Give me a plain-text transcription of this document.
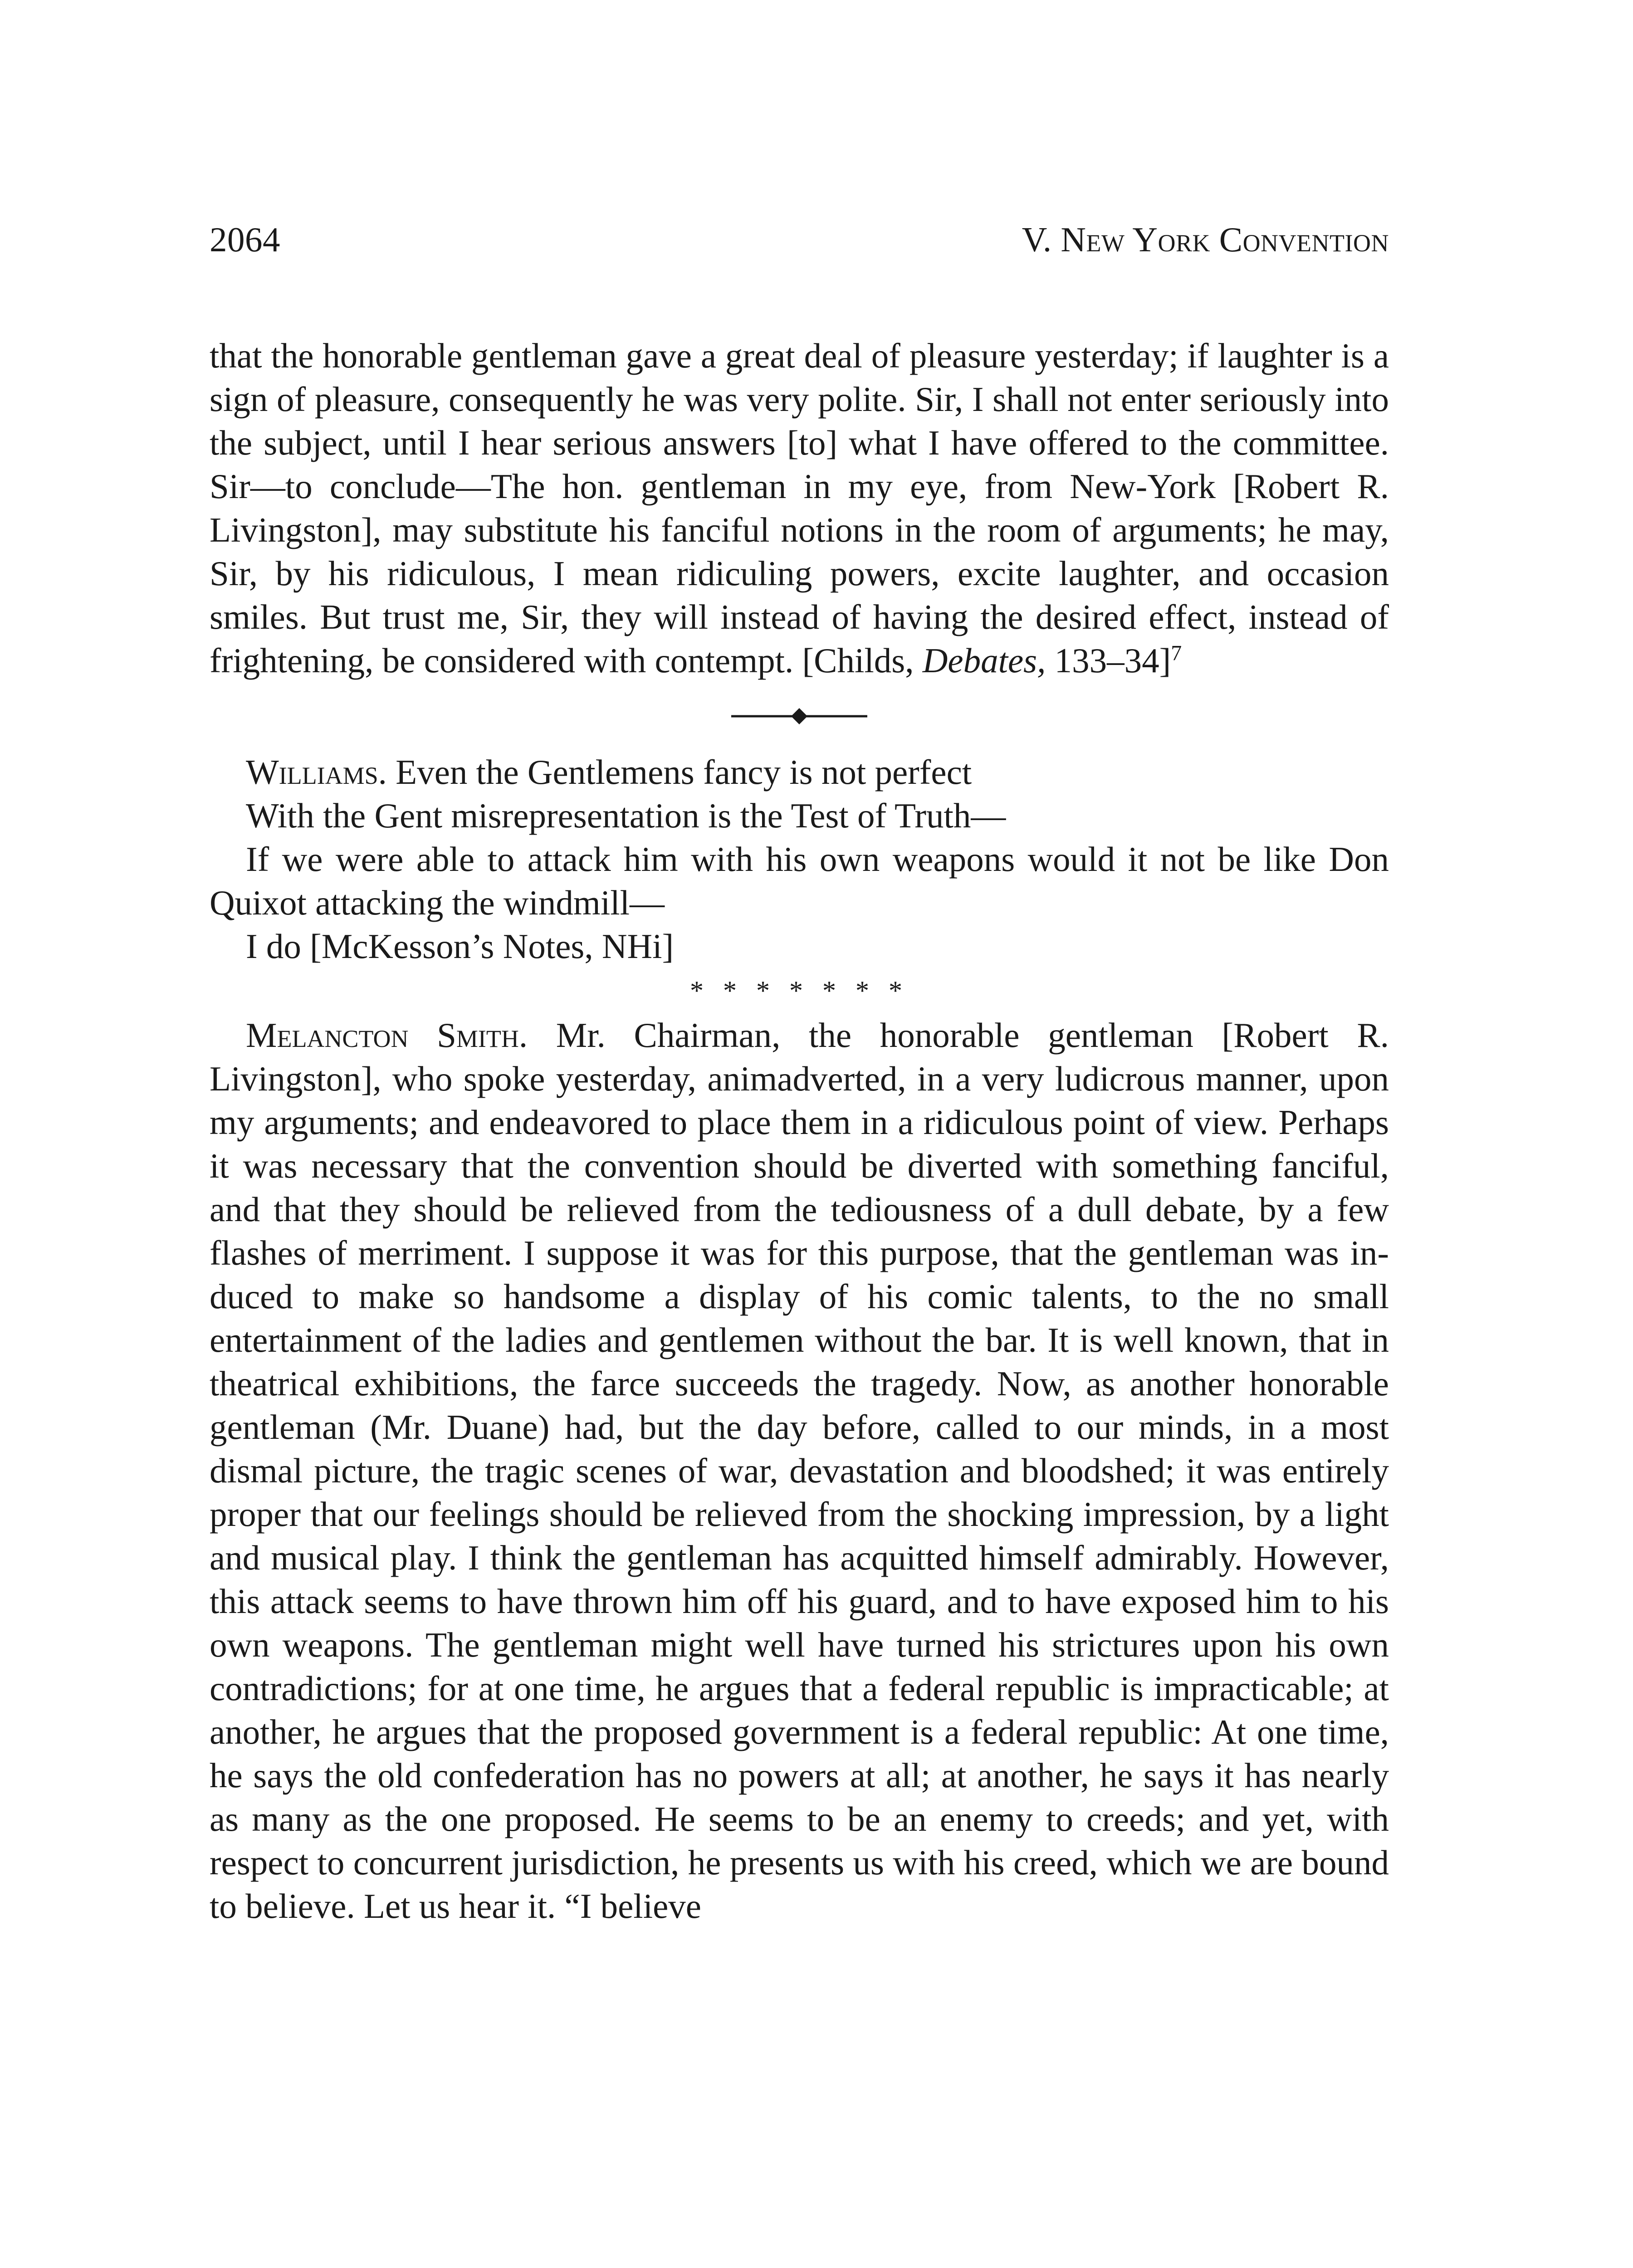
2064	V. New York Convention

that the honorable gentleman gave a great deal of pleasure yesterday; if laughter is a sign of pleasure, consequently he was very polite. Sir, I shall not enter seriously into the subject, until I hear serious answers [to] what I have offered to the committee. Sir—to conclude—The hon. gentleman in my eye, from New-York [Robert R. Livingston], may substitute his fanciful notions in the room of arguments; he may, Sir, by his ridiculous, I mean ridiculing powers, excite laughter, and occasion smiles. But trust me, Sir, they will instead of having the desired effect, instead of frightening, be considered with contempt. [Childs, Debates, 133–34]$^7$

Williams. Even the Gentlemens fancy is not perfect

With the Gent misrepresentation is the Test of Truth—

If we were able to attack him with his own weapons would it not be like Don Quixot attacking the windmill—

I do [McKesson’s Notes, NHi]

* * * * * * *

Melancton Smith. Mr. Chairman, the honorable gentleman [Robert R. Livingston], who spoke yesterday, animadverted, in a very ludicrous manner, upon my arguments; and endeavored to place them in a ridiculous point of view. Perhaps it was necessary that the convention should be diverted with something fanciful, and that they should be relieved from the tediousness of a dull debate, by a few flashes of merriment. I suppose it was for this purpose, that the gentleman was induced to make so handsome a display of his comic talents, to the no small entertainment of the ladies and gentlemen without the bar. It is well known, that in theatrical exhibitions, the farce succeeds the tragedy. Now, as another honorable gentleman (Mr. Duane) had, but the day before, called to our minds, in a most dismal picture, the tragic scenes of war, devastation and bloodshed; it was entirely proper that our feelings should be relieved from the shocking impression, by a light and musical play. I think the gentleman has acquitted himself admirably. However, this attack seems to have thrown him off his guard, and to have exposed him to his own weapons. The gentleman might well have turned his strictures upon his own contradictions; for at one time, he argues that a federal republic is impracticable; at another, he argues that the proposed government is a federal republic: At one time, he says the old confederation has no powers at all; at another, he says it has nearly as many as the one proposed. He seems to be an enemy to creeds; and yet, with respect to concurrent jurisdiction, he presents us with his creed, which we are bound to believe. Let us hear it. “I believe
